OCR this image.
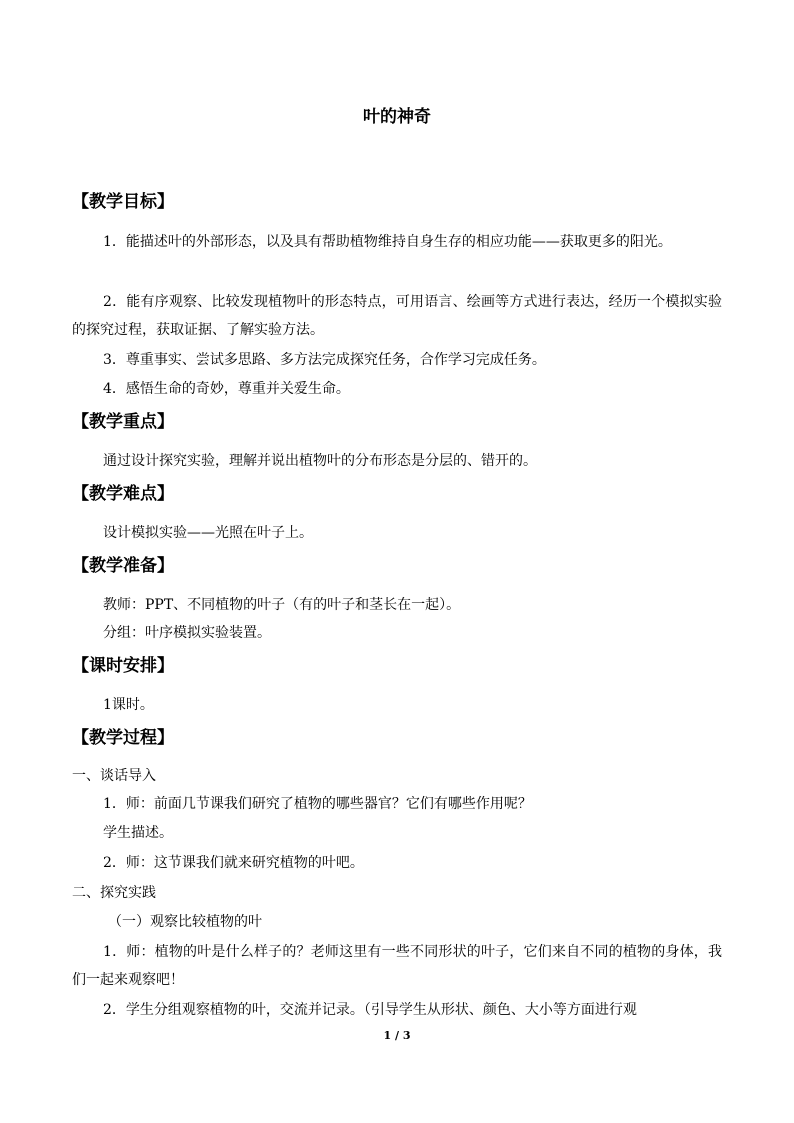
叶的神奇
【教学目标】
1．能描述叶的外部形态，以及具有帮助植物维持自身生存的相应功能——获取更多的阳光。
2．能有序观察、比较发现植物叶的形态特点，可用语言、绘画等方式进行表达，经历一个模拟实验的探究过程，获取证据、了解实验方法。
3．尊重事实、尝试多思路、多方法完成探究任务，合作学习完成任务。
4．感悟生命的奇妙，尊重并关爱生命。
【教学重点】
通过设计探究实验，理解并说出植物叶的分布形态是分层的、错开的。
【教学难点】
设计模拟实验——光照在叶子上。
【教学准备】
教师：PPT、不同植物的叶子（有的叶子和茎长在一起）。
分组：叶序模拟实验装置。
【课时安排】
1课时。
【教学过程】
一、谈话导入
1．师：前面几节课我们研究了植物的哪些器官？它们有哪些作用呢？
学生描述。
2．师：这节课我们就来研究植物的叶吧。
二、探究实践
（一）观察比较植物的叶
1．师：植物的叶是什么样子的？老师这里有一些不同形状的叶子，它们来自不同的植物的身体，我们一起来观察吧！
2．学生分组观察植物的叶，交流并记录。（引导学生从形状、颜色、大小等方面进行观
1 / 3
